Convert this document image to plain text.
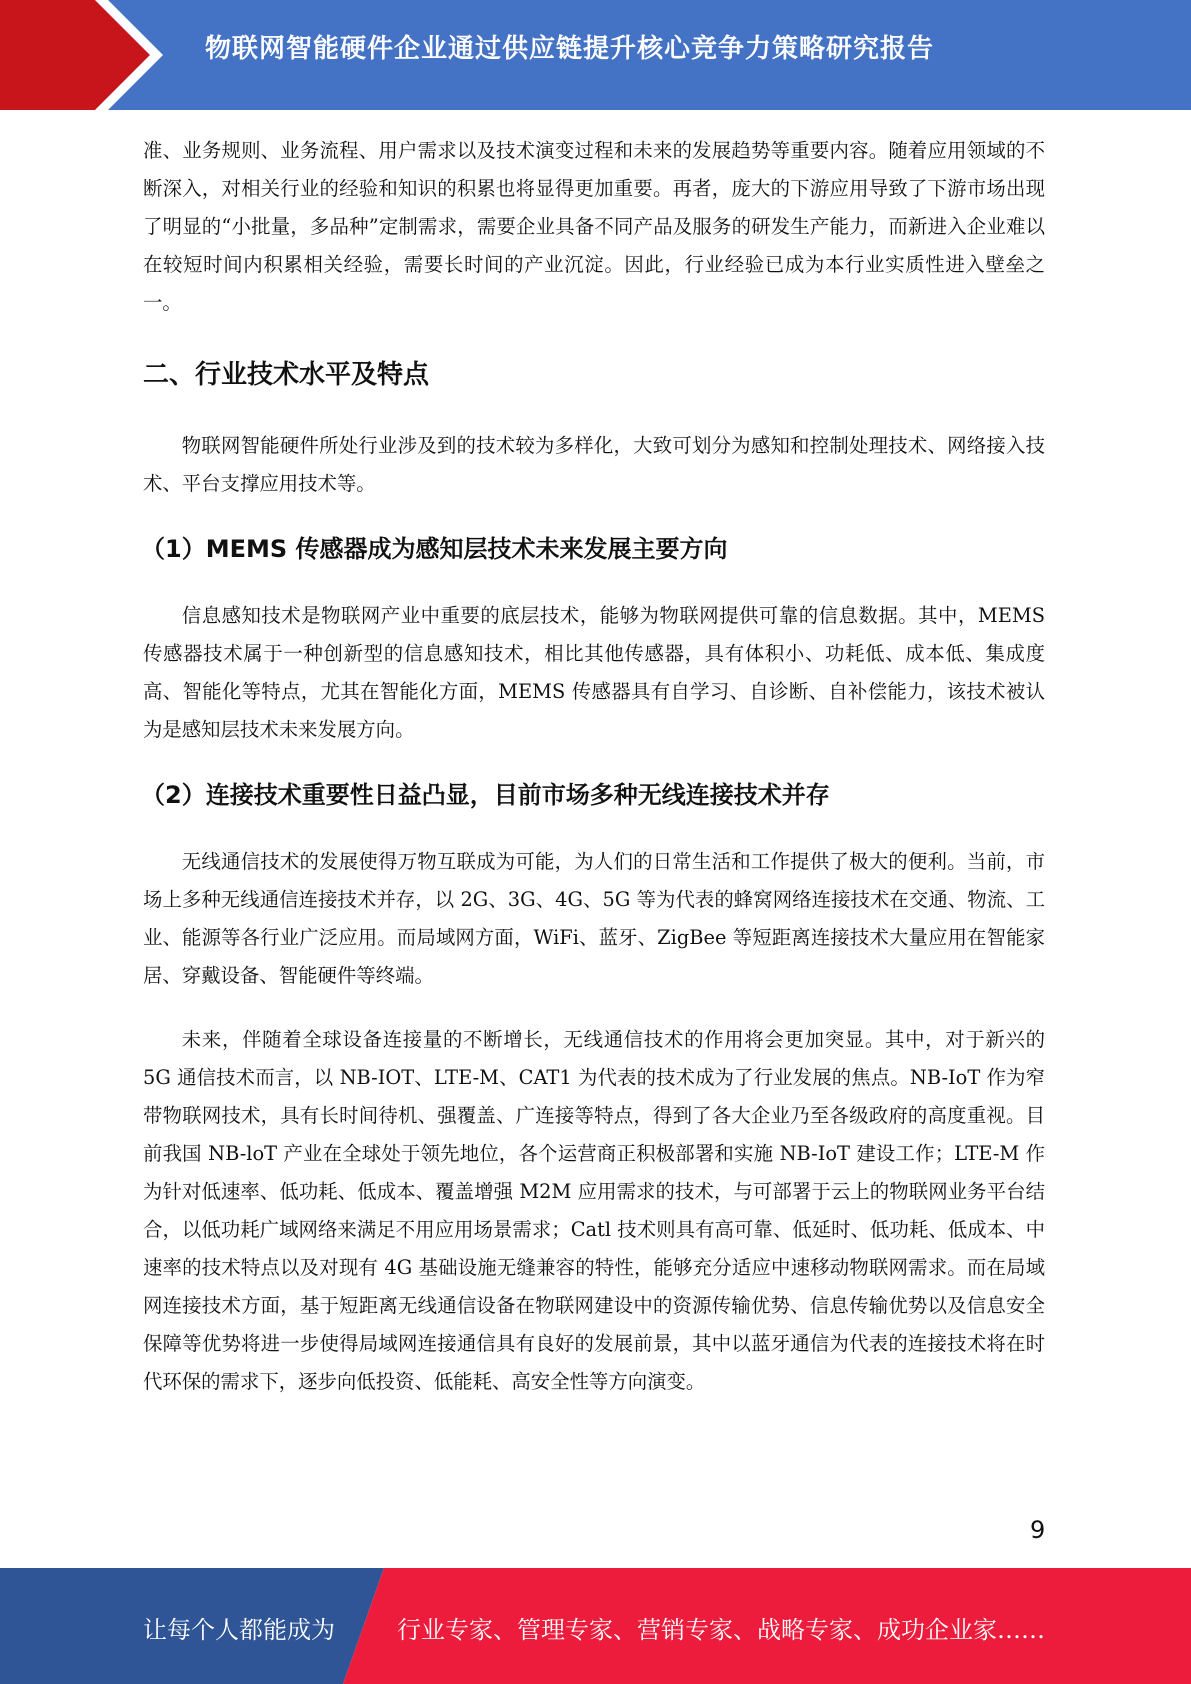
物联网智能硬件企业通过供应链提升核心竞争力策略研究报告

准、业务规则、业务流程、用户需求以及技术演变过程和未来的发展趋势等重要内容。随着应用领域的不断深入，对相关行业的经验和知识的积累也将显得更加重要。再者，庞大的下游应用导致了下游市场出现了明显的“小批量，多品种”定制需求，需要企业具备不同产品及服务的研发生产能力，而新进入企业难以在较短时间内积累相关经验，需要长时间的产业沉淀。因此，行业经验已成为本行业实质性进入壁垒之一。

二、行业技术水平及特点

物联网智能硬件所处行业涉及到的技术较为多样化，大致可划分为感知和控制处理技术、网络接入技术、平台支撑应用技术等。

（1）MEMS 传感器成为感知层技术未来发展主要方向

信息感知技术是物联网产业中重要的底层技术，能够为物联网提供可靠的信息数据。其中，MEMS 传感器技术属于一种创新型的信息感知技术，相比其他传感器，具有体积小、功耗低、成本低、集成度高、智能化等特点，尤其在智能化方面，MEMS 传感器具有自学习、自诊断、自补偿能力，该技术被认为是感知层技术未来发展方向。

（2）连接技术重要性日益凸显，目前市场多种无线连接技术并存

无线通信技术的发展使得万物互联成为可能，为人们的日常生活和工作提供了极大的便利。当前，市场上多种无线通信连接技术并存，以 2G、3G、4G、5G 等为代表的蜂窝网络连接技术在交通、物流、工业、能源等各行业广泛应用。而局域网方面，WiFi、蓝牙、ZigBee 等短距离连接技术大量应用在智能家居、穿戴设备、智能硬件等终端。

未来，伴随着全球设备连接量的不断增长，无线通信技术的作用将会更加突显。其中，对于新兴的 5G 通信技术而言，以 NB-IOT、LTE-M、CAT1 为代表的技术成为了行业发展的焦点。NB-IoT 作为窄带物联网技术，具有长时间待机、强覆盖、广连接等特点，得到了各大企业乃至各级政府的高度重视。目前我国 NB-loT 产业在全球处于领先地位，各个运营商正积极部署和实施 NB-IoT 建设工作；LTE-M 作为针对低速率、低功耗、低成本、覆盖增强 M2M 应用需求的技术，与可部署于云上的物联网业务平台结合，以低功耗广域网络来满足不用应用场景需求；Catl 技术则具有高可靠、低延时、低功耗、低成本、中速率的技术特点以及对现有 4G 基础设施无缝兼容的特性，能够充分适应中速移动物联网需求。而在局域网连接技术方面，基于短距离无线通信设备在物联网建设中的资源传输优势、信息传输优势以及信息安全保障等优势将进一步使得局域网连接通信具有良好的发展前景，其中以蓝牙通信为代表的连接技术将在时代环保的需求下，逐步向低投资、低能耗、高安全性等方向演变。

9
让每个人都能成为	行业专家、管理专家、营销专家、战略专家、成功企业家……
